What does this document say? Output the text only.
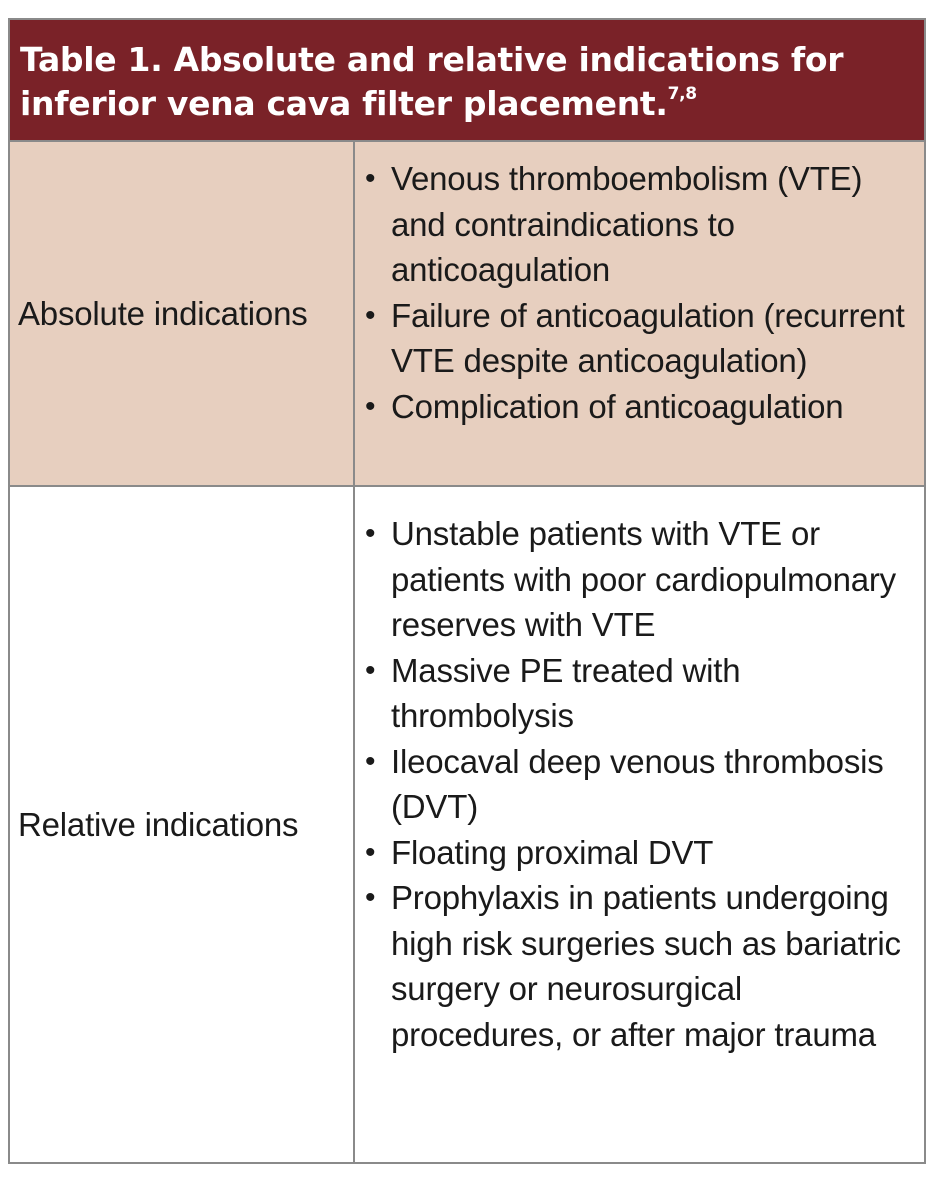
Table 1. Absolute and relative indications for inferior vena cava filter placement.$^{7,8}$
Absolute indications
• Venous thromboembolism (VTE) and contraindications to anticoagulation
• Failure of anticoagulation (recurrent VTE despite anticoagulation)
• Complication of anticoagulation
Relative indications
• Unstable patients with VTE or patients with poor cardiopulmonary reserves with VTE
• Massive PE treated with thrombolysis
• Ileocaval deep venous thrombosis (DVT)
• Floating proximal DVT
• Prophylaxis in patients undergoing high risk surgeries such as bariatric surgery or neurosurgical procedures, or after major trauma
